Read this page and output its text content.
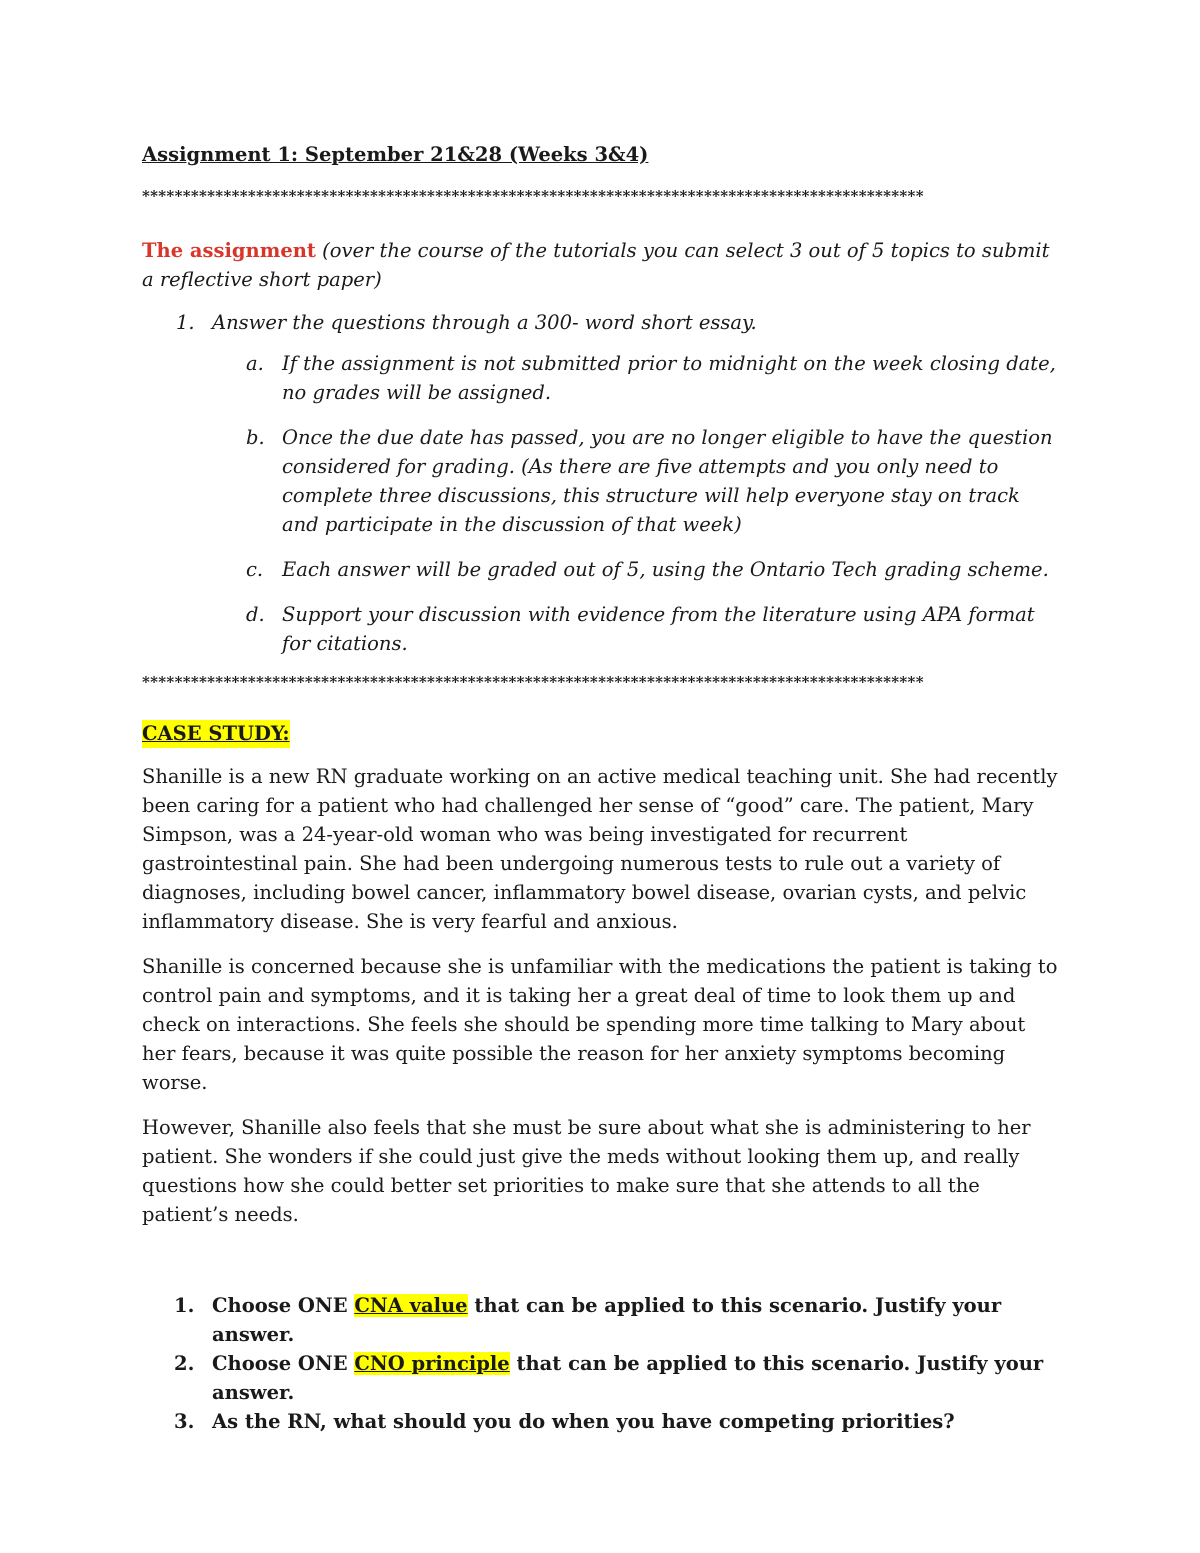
Assignment 1: September 21&28 (Weeks 3&4)

************************************************************************************************
The assignment (over the course of the tutorials you can select 3 out of 5 topics to submit a reflective short paper)
1. Answer the questions through a 300- word short essay.
a. If the assignment is not submitted prior to midnight on the week closing date, no grades will be assigned.
b. Once the due date has passed, you are no longer eligible to have the question considered for grading. (As there are five attempts and you only need to complete three discussions, this structure will help everyone stay on track and participate in the discussion of that week)
c. Each answer will be graded out of 5, using the Ontario Tech grading scheme.
d. Support your discussion with evidence from the literature using APA format for citations.
************************************************************************************************
CASE STUDY:

Shanille is a new RN graduate working on an active medical teaching unit. She had recently been caring for a patient who had challenged her sense of “good” care. The patient, Mary Simpson, was a 24-year-old woman who was being investigated for recurrent gastrointestinal pain. She had been undergoing numerous tests to rule out a variety of diagnoses, including bowel cancer, inflammatory bowel disease, ovarian cysts, and pelvic inflammatory disease. She is very fearful and anxious.

Shanille is concerned because she is unfamiliar with the medications the patient is taking to control pain and symptoms, and it is taking her a great deal of time to look them up and check on interactions. She feels she should be spending more time talking to Mary about her fears, because it was quite possible the reason for her anxiety symptoms becoming worse.

However, Shanille also feels that she must be sure about what she is administering to her patient. She wonders if she could just give the meds without looking them up, and really questions how she could better set priorities to make sure that she attends to all the patient’s needs.

1. Choose ONE CNA value that can be applied to this scenario. Justify your answer.
2. Choose ONE CNO principle that can be applied to this scenario. Justify your answer.
3. As the RN, what should you do when you have competing priorities?
